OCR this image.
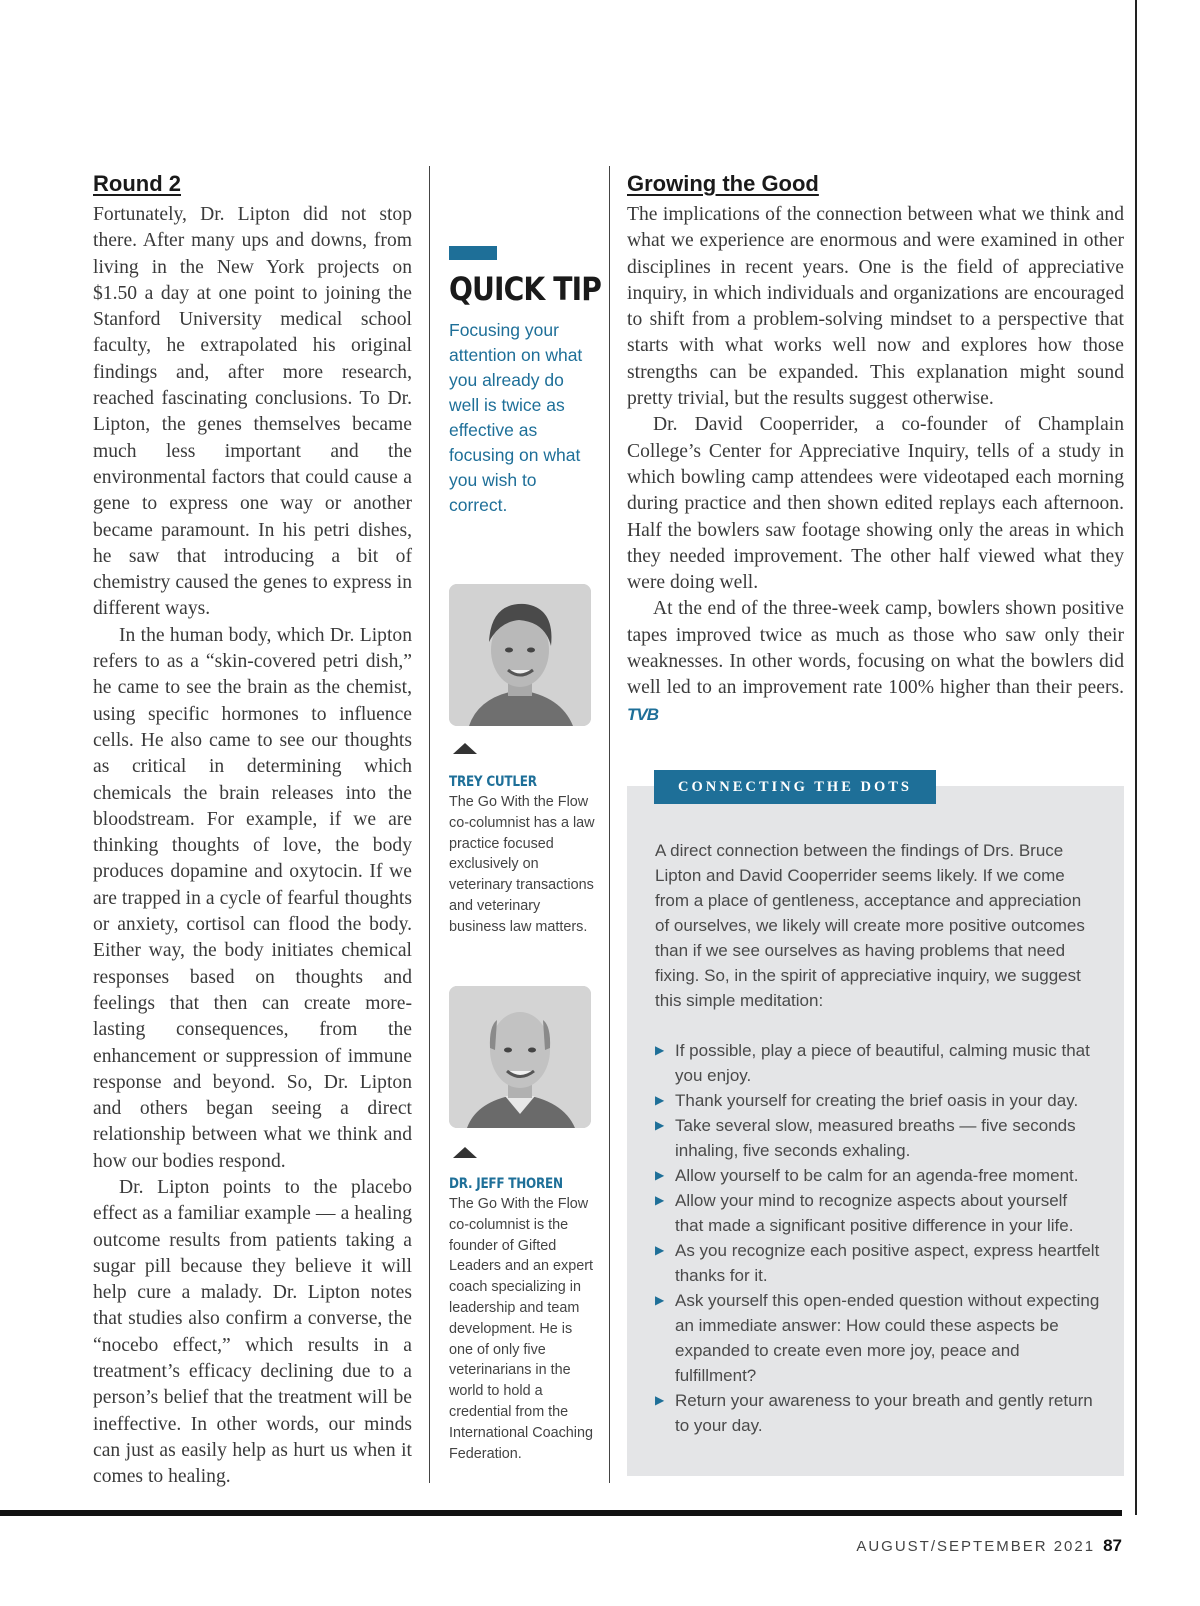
Round 2

Fortunately, Dr. Lipton did not stop there. After many ups and downs, from living in the New York projects on $1.50 a day at one point to joining the Stanford University medical school faculty, he extrapolated his original findings and, after more research, reached fascinating conclusions. To Dr. Lipton, the genes themselves became much less important and the environmental factors that could cause a gene to express one way or another became paramount. In his petri dishes, he saw that introducing a bit of chemistry caused the genes to express in different ways.

In the human body, which Dr. Lipton refers to as a “skin-covered petri dish,” he came to see the brain as the chemist, using specific hormones to influence cells. He also came to see our thoughts as critical in determining which chemicals the brain releases into the bloodstream. For example, if we are thinking thoughts of love, the body produces dopamine and oxytocin. If we are trapped in a cycle of fearful thoughts or anxiety, cortisol can flood the body. Either way, the body initiates chemical responses based on thoughts and feelings that then can create more-lasting consequences, from the enhancement or suppression of immune response and beyond. So, Dr. Lipton and others began seeing a direct relationship between what we think and how our bodies respond.

Dr. Lipton points to the placebo effect as a familiar example — a healing outcome results from patients taking a sugar pill because they believe it will help cure a malady. Dr. Lipton notes that studies also confirm a converse, the “nocebo effect,” which results in a treatment’s efficacy declining due to a person’s belief that the treatment will be ineffective. In other words, our minds can just as easily help as hurt us when it comes to healing.

QUICK TIP

Focusing your attention on what you already do well is twice as effective as focusing on what you wish to correct.

TREY CUTLER

The Go With the Flow co-columnist has a law practice focused exclusively on veterinary transactions and veterinary business law matters.

DR. JEFF THOREN

The Go With the Flow co-columnist is the founder of Gifted Leaders and an expert coach specializing in leadership and team development. He is one of only five veterinarians in the world to hold a credential from the International Coaching Federation.

Growing the Good

The implications of the connection between what we think and what we experience are enormous and were examined in other disciplines in recent years. One is the field of appreciative inquiry, in which individuals and organizations are encouraged to shift from a problem-solving mindset to a perspective that starts with what works well now and explores how those strengths can be expanded. This explanation might sound pretty trivial, but the results suggest otherwise.

Dr. David Cooperrider, a co-founder of Champlain College’s Center for Appreciative Inquiry, tells of a study in which bowling camp attendees were videotaped each morning during practice and then shown edited replays each afternoon. Half the bowlers saw footage showing only the areas in which they needed improvement. The other half viewed what they were doing well.

At the end of the three-week camp, bowlers shown positive tapes improved twice as much as those who saw only their weaknesses. In other words, focusing on what the bowlers did well led to an improvement rate 100% higher than their peers. TVB

CONNECTING THE DOTS

A direct connection between the findings of Drs. Bruce Lipton and David Cooperrider seems likely. If we come from a place of gentleness, acceptance and appreciation of ourselves, we likely will create more positive outcomes than if we see ourselves as having problems that need fixing. So, in the spirit of appreciative inquiry, we suggest this simple meditation:

▶ If possible, play a piece of beautiful, calming music that you enjoy.
▶ Thank yourself for creating the brief oasis in your day.
▶ Take several slow, measured breaths — five seconds inhaling, five seconds exhaling.
▶ Allow yourself to be calm for an agenda-free moment.
▶ Allow your mind to recognize aspects about yourself that made a significant positive difference in your life.
▶ As you recognize each positive aspect, express heartfelt thanks for it.
▶ Ask yourself this open-ended question without expecting an immediate answer: How could these aspects be expanded to create even more joy, peace and fulfillment?
▶ Return your awareness to your breath and gently return to your day.
AUGUST/SEPTEMBER 2021 87
